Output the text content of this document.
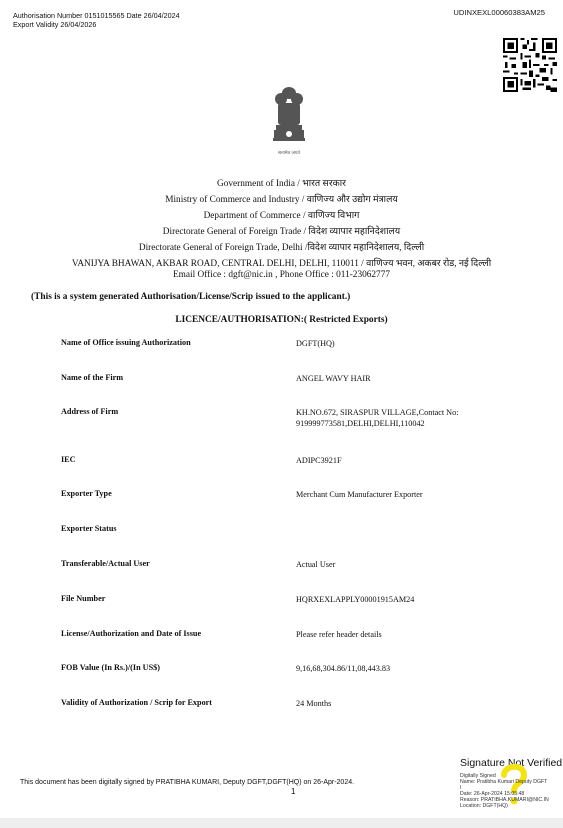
Authorisation Number 0151015565 Date 26/04/2024
Export Validity 26/04/2026
UDINXEXL00060383AM25
सत्यमेव जयते
Government of India / भारत सरकार
Ministry of Commerce and Industry / वाणिज्य और उद्योग मंत्रालय
Department of Commerce / वाणिज्य विभाग
Directorate General of Foreign Trade / विदेश व्यापार महानिदेशालय
Directorate General of Foreign Trade, Delhi /विदेश व्यापार महानिदेशालय, दिल्ली
VANIJYA BHAWAN, AKBAR ROAD, CENTRAL DELHI, DELHI, 110011 / वाणिज्य भवन, अकबर रोड, नई दिल्ली
Email Office : dgft@nic.in , Phone Office : 011-23062777
(This is a system generated Authorisation/License/Scrip issued to the applicant.)
LICENCE/AUTHORISATION:( Restricted Exports)
Name of Office issuing Authorization	DGFT(HQ)
Name of the Firm	ANGEL WAVY HAIR
Address of Firm	KH.NO.672, SIRASPUR VILLAGE,Contact No: 919999773581,DELHI,DELHI,110042
IEC	ADIPC3921F
Exporter Type	Merchant Cum Manufacturer Exporter
Exporter Status
Transferable/Actual User	Actual User
File Number	HQRXEXLAPPLY00001915AM24
License/Authorization and Date of Issue	Please refer header details
FOB Value (In Rs.)/(In US$)	9,16,68,304.86/11,08,443.83
Validity of Authorization / Scrip for Export	24 Months
This document has been digitally signed by PRATIBHA KUMARI, Deputy DGFT,DGFT(HQ) on 26-Apr-2024.
1
Signature Not Verified
Digitally Signed
Name: Pratibha Kumari Deputy DGFT
I
Date: 26-Apr-2024 15:05:48
Reason: PRATIBHA.KUMARI@NIC.IN
Location: DGFT(HQ)
